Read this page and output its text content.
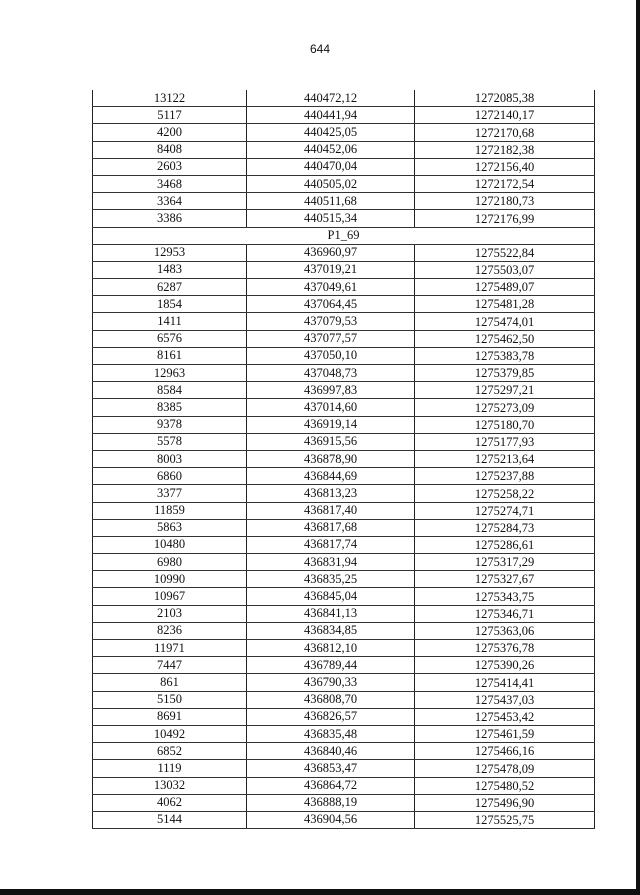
644
13122	440472,12	1272085,38
5117	440441,94	1272140,17
4200	440425,05	1272170,68
8408	440452,06	1272182,38
2603	440470,04	1272156,40
3468	440505,02	1272172,54
3364	440511,68	1272180,73
3386	440515,34	1272176,99
P1_69		
12953	436960,97	1275522,84
1483	437019,21	1275503,07
6287	437049,61	1275489,07
1854	437064,45	1275481,28
1411	437079,53	1275474,01
6576	437077,57	1275462,50
8161	437050,10	1275383,78
12963	437048,73	1275379,85
8584	436997,83	1275297,21
8385	437014,60	1275273,09
9378	436919,14	1275180,70
5578	436915,56	1275177,93
8003	436878,90	1275213,64
6860	436844,69	1275237,88
3377	436813,23	1275258,22
11859	436817,40	1275274,71
5863	436817,68	1275284,73
10480	436817,74	1275286,61
6980	436831,94	1275317,29
10990	436835,25	1275327,67
10967	436845,04	1275343,75
2103	436841,13	1275346,71
8236	436834,85	1275363,06
11971	436812,10	1275376,78
7447	436789,44	1275390,26
861	436790,33	1275414,41
5150	436808,70	1275437,03
8691	436826,57	1275453,42
10492	436835,48	1275461,59
6852	436840,46	1275466,16
1119	436853,47	1275478,09
13032	436864,72	1275480,52
4062	436888,19	1275496,90
5144	436904,56	1275525,75
